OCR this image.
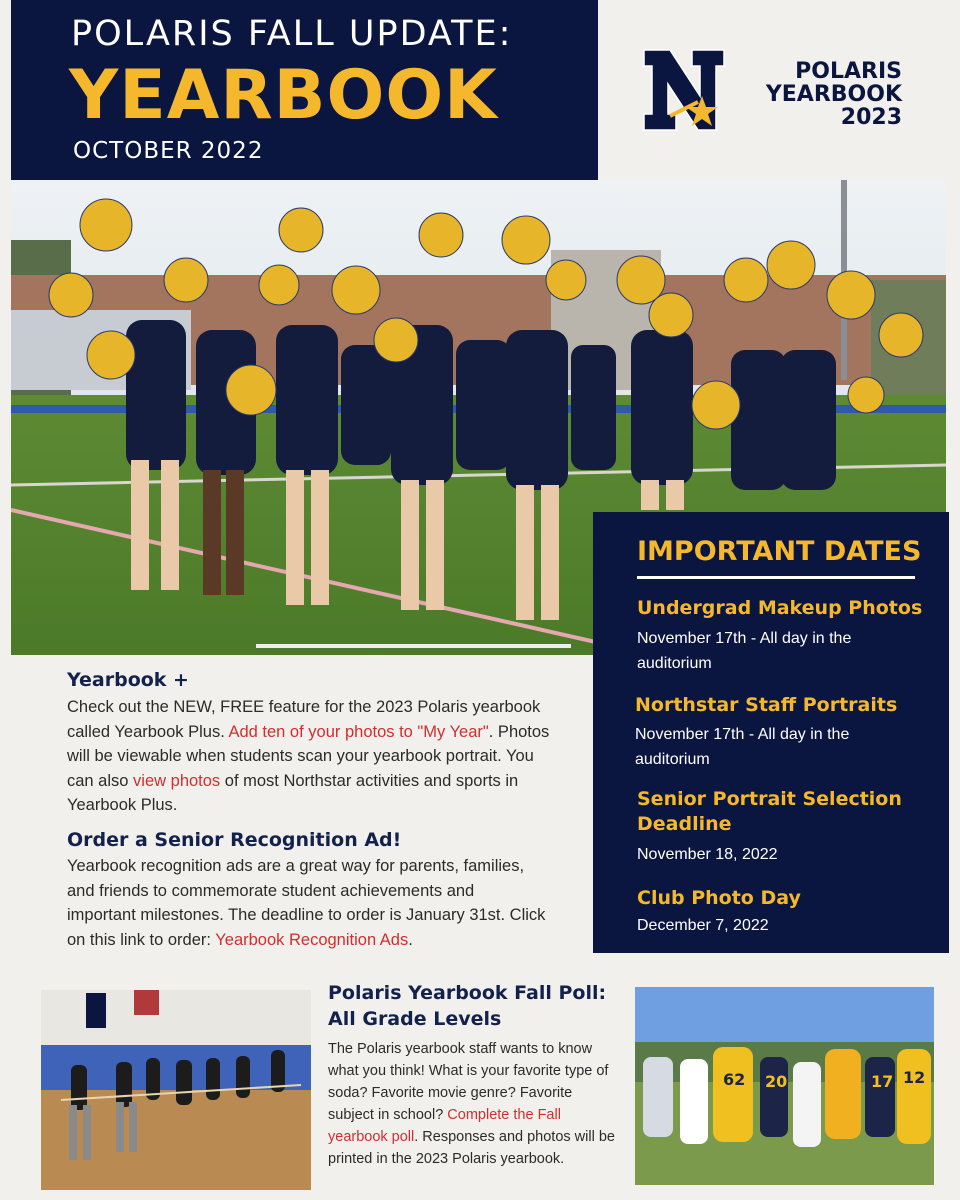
POLARIS FALL UPDATE:
YEARBOOK
OCTOBER 2022
POLARIS
YEARBOOK
2023
IMPORTANT DATES
Undergrad Makeup Photos
November 17th - All day in the auditorium
Northstar Staff Portraits
November 17th - All day in the auditorium
Senior Portrait Selection Deadline
November 18, 2022
Club Photo Day
December 7, 2022
Yearbook +
Check out the NEW, FREE feature for the 2023 Polaris yearbook called Yearbook Plus. Add ten of your photos to "My Year". Photos will be viewable when students scan your yearbook portrait. You can also view photos of most Northstar activities and sports in Yearbook Plus.
Order a Senior Recognition Ad!
Yearbook recognition ads are a great way for parents, families, and friends to commemorate student achievements and important milestones. The deadline to order is January 31st. Click on this link to order: Yearbook Recognition Ads.
Polaris Yearbook Fall Poll: All Grade Levels
The Polaris yearbook staff wants to know what you think! What is your favorite type of soda? Favorite movie genre? Favorite subject in school? Complete the Fall yearbook poll. Responses and photos will be printed in the 2023 Polaris yearbook.
62 20	17 12
